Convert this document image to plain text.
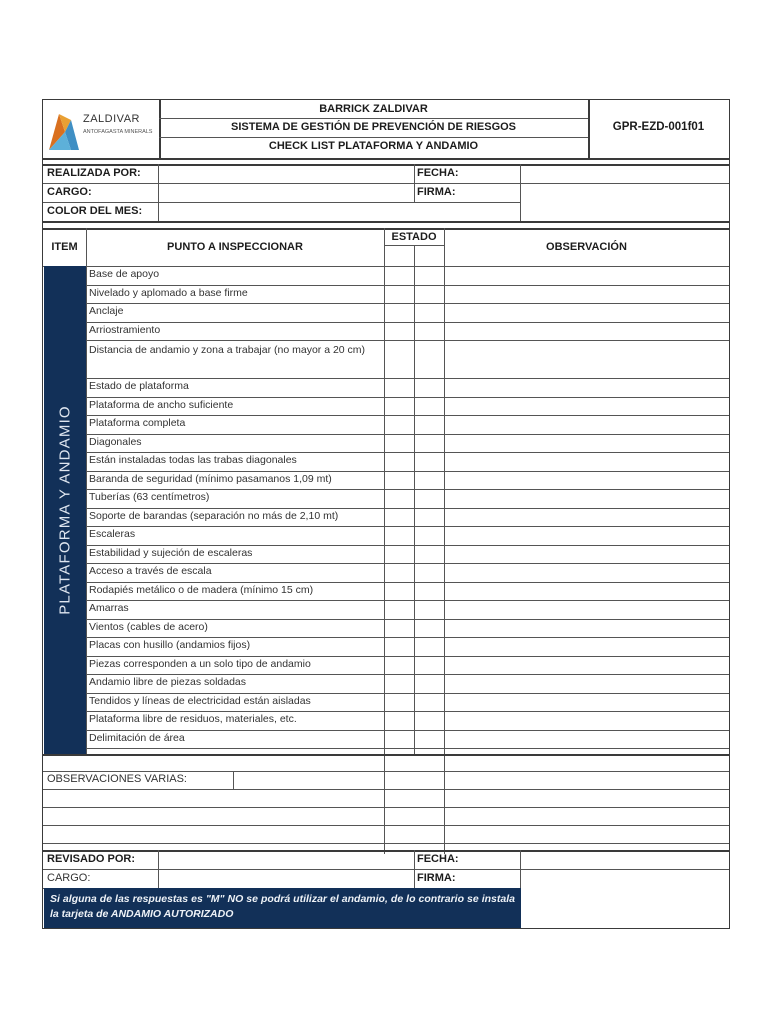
ZALDIVAR
ANTOFAGASTA MINERALS
BARRICK ZALDIVAR
SISTEMA DE GESTIÓN DE PREVENCIÓN DE RIESGOS
CHECK LIST PLATAFORMA Y ANDAMIO
GPR-EZD-001f01
REALIZADA POR:
CARGO:
COLOR DEL MES:
FECHA:
FIRMA:
ITEM	PUNTO A INSPECCIONAR
ESTADO
OBSERVACIÓN
PLATAFORMA Y ANDAMIO
OBSERVACIONES VARIAS:
REVISADO POR:
CARGO:
FECHA:
FIRMA:
Si alguna de las respuestas es "M" NO se podrá utilizar el andamio, de lo contrario se instala la tarjeta de ANDAMIO AUTORIZADO
Base de apoyo
Nivelado y aplomado a base firme
Anclaje
Arriostramiento
Distancia de andamio y zona a trabajar (no mayor a 20 cm)
Estado de plataforma
Plataforma de ancho suficiente
Plataforma completa
Diagonales
Están instaladas todas las trabas diagonales
Baranda de seguridad (mínimo pasamanos 1,09 mt)
Tuberías (63 centímetros)
Soporte de barandas (separación no más de 2,10 mt)
Escaleras
Estabilidad y sujeción de escaleras
Acceso a través de escala
Rodapiés metálico o de madera (mínimo 15 cm)
Amarras
Vientos (cables de acero)
Placas con husillo (andamios fijos)
Piezas corresponden a un solo tipo de andamio
Andamio libre de piezas soldadas
Tendidos y líneas de electricidad están aisladas
Plataforma libre de residuos, materiales, etc.
Delimitación de área
